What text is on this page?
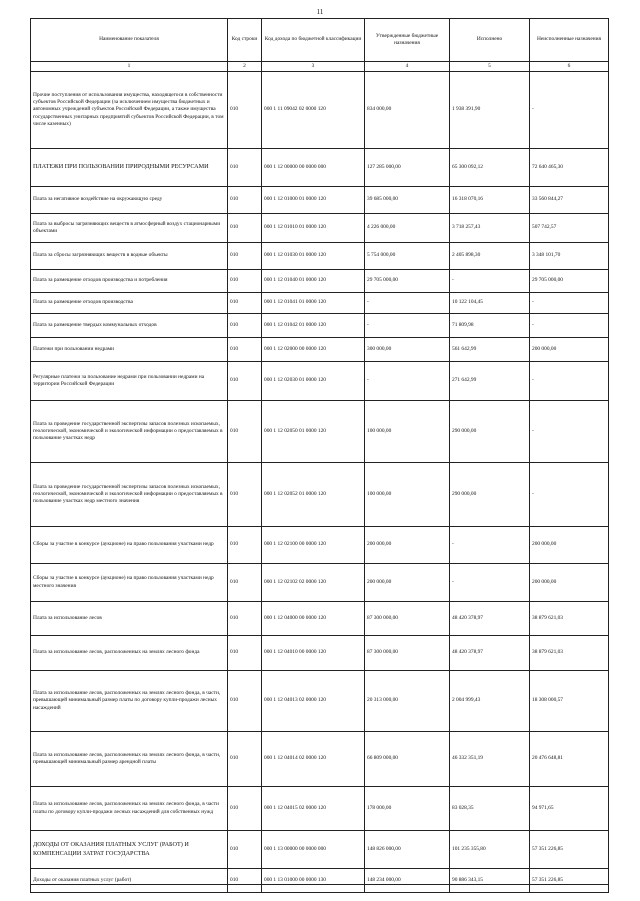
11
Наименование показателя	Код строки	Код дохода по бюджетной классификации	Утвержденные бюджетные назначения	Исполнено	Неисполненные назначения
1	2	3	4	5	6
Прочие поступления от использования имущества, находящегося в собственности субъектов Российской Федерации (за исключением имущества бюджетных и автономных учреждений субъектов Российской Федерации, а также имущества государственных унитарных предприятий субъектов Российской Федерации, в том числе казенных)	010	000 1 11 09042 02 0000 120	834 000,00	1 938 391,90	-
ПЛАТЕЖИ ПРИ ПОЛЬЗОВАНИИ ПРИРОДНЫМИ РЕСУРСАМИ	010	000 1 12 00000 00 0000 000	127 285 000,00	65 300 092,12	72 640 465,30
Плата за негативное воздействие на окружающую среду	010	000 1 12 01000 01 0000 120	39 685 000,00	16 318 070,16	33 560 844,27
Плата за выбросы загрязняющих веществ в атмосферный воздух стационарными объектами	010	000 1 12 01010 01 0000 120	4 226 000,00	3 718 257,43	507 742,57
Плата за сбросы загрязняющих веществ в водные объекты	010	000 1 12 01030 01 0000 120	5 754 000,00	2 405 898,30	3 348 101,70
Плата за размещение отходов производства и потребления	010	000 1 12 01040 01 0000 120	29 705 000,00	-	29 705 000,00
Плата за размещение отходов производства	010	000 1 12 01041 01 0000 120	-	10 122 104,45	-
Плата за размещение твердых коммунальных отходов	010	000 1 12 01042 01 0000 120	-	71 809,98	-
Платежи при пользовании недрами	010	000 1 12 02000 00 0000 120	300 000,00	561 642,99	200 000,00
Регулярные платежи за пользование недрами при пользовании недрами на территории Российской Федерации	010	000 1 12 02030 01 0000 120	-	271 642,99	-
Плата за проведение государственной экспертизы запасов полезных ископаемых, геологической, экономической и экологической информации о предоставляемых в пользование участках недр	010	000 1 12 02050 01 0000 120	100 000,00	290 000,00	-
Плата за проведение государственной экспертизы запасов полезных ископаемых, геологической, экономической и экологической информации о предоставляемых в пользование участках недр местного значения	010	000 1 12 02052 01 0000 120	100 000,00	290 000,00	-
Сборы за участие в конкурсе (аукционе) на право пользования участками недр	010	000 1 12 02100 00 0000 120	200 000,00	-	200 000,00
Сборы за участие в конкурсе (аукционе) на право пользования участками недр местного значения	010	000 1 12 02102 02 0000 120	200 000,00	-	200 000,00
Плата за использование лесов	010	000 1 12 04000 00 0000 120	87 300 000,00	48 420 378,97	38 879 621,03
Плата за использование лесов, расположенных на землях лесного фонда	010	000 1 12 04010 00 0000 120	87 300 000,00	48 420 378,97	38 879 621,03
Плата за использование лесов, расположенных на землях лесного фонда, в части, превышающей минимальный размер платы по договору купли-продажи лесных насаждений	010	000 1 12 04013 02 0000 120	20 313 000,00	2 004 999,43	18 308 000,57
Плата за использование лесов, расположенных на землях лесного фонда, в части, превышающей минимальный размер арендной платы	010	000 1 12 04014 02 0000 120	66 809 000,00	46 332 351,19	20 476 648,81
Плата за использование лесов, расположенных на землях лесного фонда, в части платы по договору купли-продажи лесных насаждений для собственных нужд	010	000 1 12 04015 02 0000 120	178 000,00	83 028,35	94 971,65
ДОХОДЫ ОТ ОКАЗАНИЯ ПЛАТНЫХ УСЛУГ (РАБОТ) И КОМПЕНСАЦИИ ЗАТРАТ ГОСУДАРСТВА	010	000 1 13 00000 00 0000 000	148 826 000,00	101 235 355,80	57 351 226,85
Доходы от оказания платных услуг (работ)	010	000 1 13 01000 00 0000 130	148 234 000,00	90 886 343,15	57 351 226,85
